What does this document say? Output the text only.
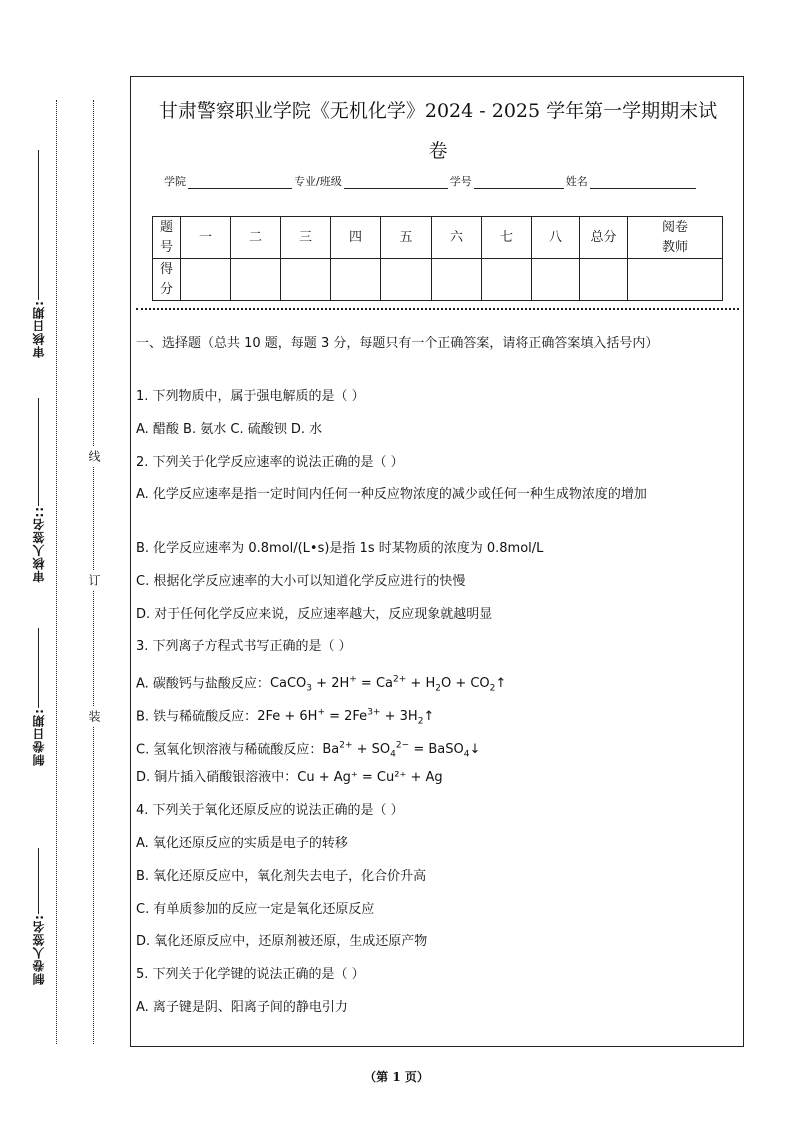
审核日期:
审核人签名::
制卷日期:
制卷人签名:
线
订
装
甘肃警察职业学院《无机化学》2024 - 2025 学年第一学期期末试
卷
学院	专业/班级	学号	姓名
题
号	一	二	三	四	五	六	七	八	总分	阅卷
教师
得
分										

一、选择题（总共 10 题，每题 3 分，每题只有一个正确答案，请将正确答案填入括号内）

1. 下列物质中，属于强电解质的是（ ）

A. 醋酸 B. 氨水 C. 硫酸钡 D. 水

2. 下列关于化学反应速率的说法正确的是（ ）

A. 化学反应速率是指一定时间内任何一种反应物浓度的减少或任何一种生成物浓度的增加

B. 化学反应速率为 0.8mol/(L•s)是指 1s 时某物质的浓度为 0.8mol/L

C. 根据化学反应速率的大小可以知道化学反应进行的快慢

D. 对于任何化学反应来说，反应速率越大，反应现象就越明显

3. 下列离子方程式书写正确的是（ ）

A. 碳酸钙与盐酸反应：CaCO$_3$ + $2H^+ = Ca^{2+} + H_2O$ + $CO_2↑$

B. 铁与稀硫酸反应：$2Fe + 6H^+ = 2Fe^{3+}$ + $3H_2↑$

C. 氢氧化钡溶液与稀硫酸反应：$Ba^{2+} + SO_4^{2-}$ = BaSO$_4$↓

D. 铜片插入硝酸银溶液中：Cu + Ag⁺ = Cu²⁺ + Ag

4. 下列关于氧化还原反应的说法正确的是（ ）

A. 氧化还原反应的实质是电子的转移

B. 氧化还原反应中，氧化剂失去电子，化合价升高

C. 有单质参加的反应一定是氧化还原反应

D. 氧化还原反应中，还原剂被还原，生成还原产物

5. 下列关于化学键的说法正确的是（ ）

A. 离子键是阴、阳离子间的静电引力

（第 1 页）
